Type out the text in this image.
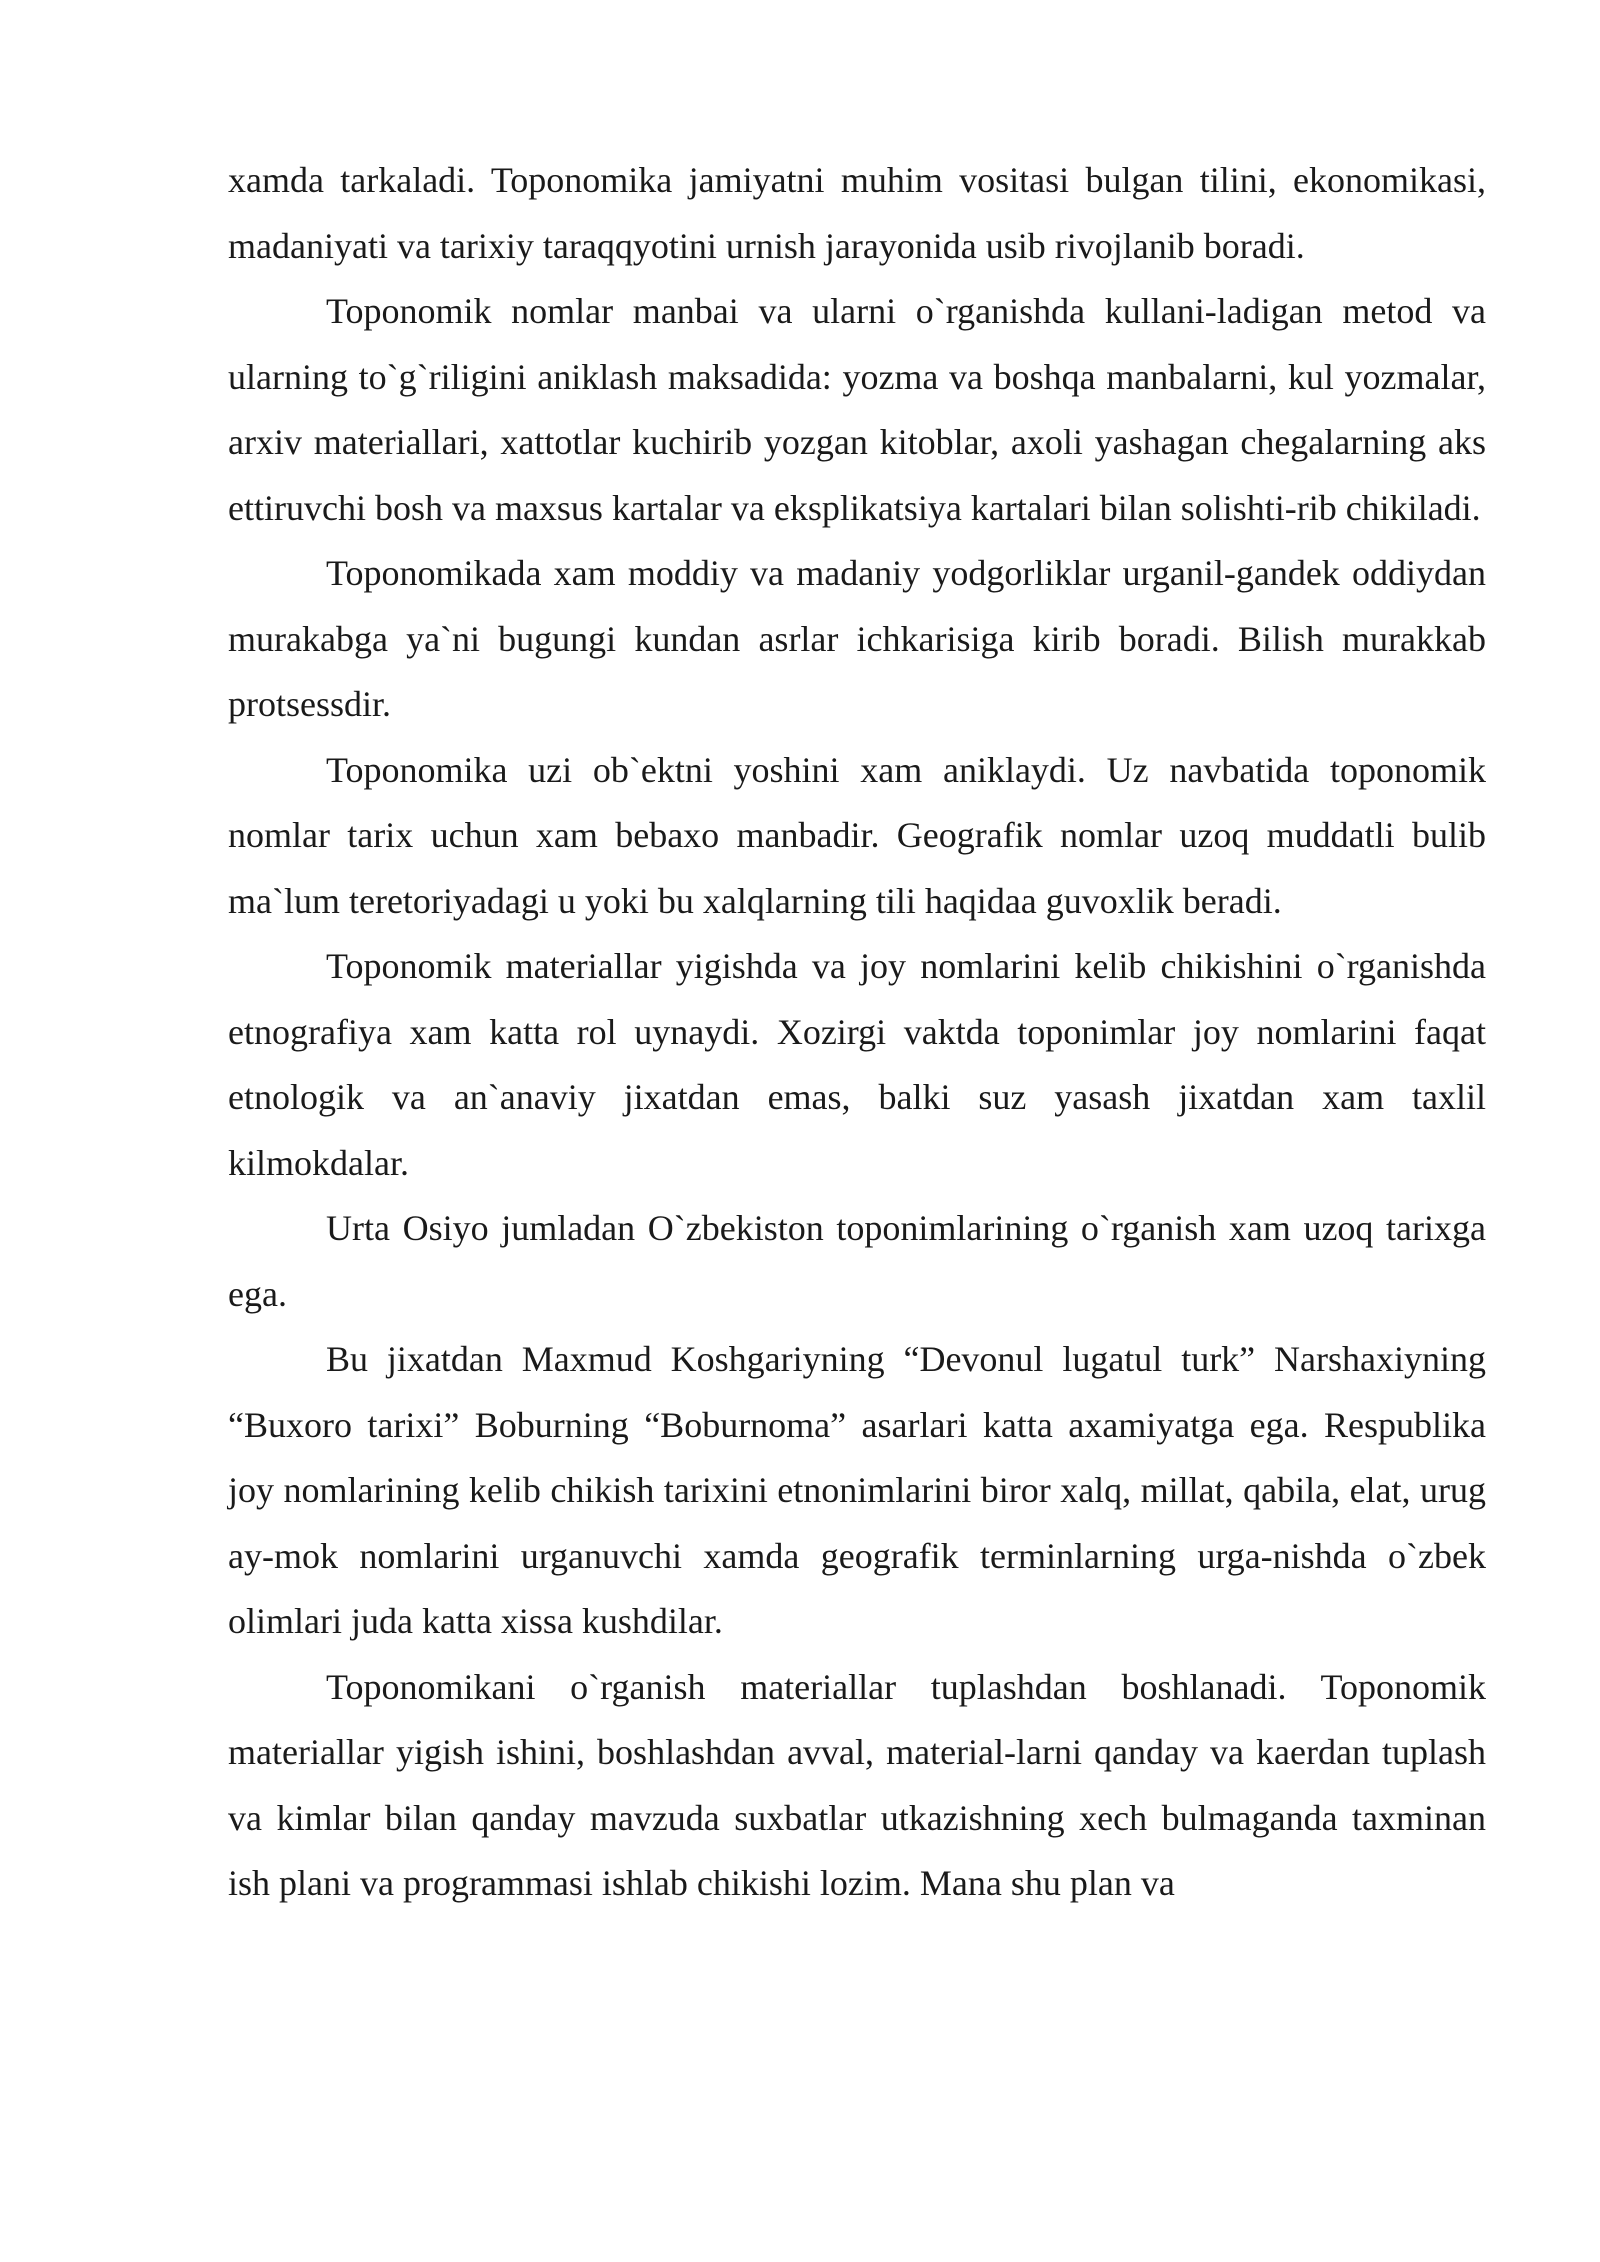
xamda tarkaladi. Toponomika jamiyatni muhim vositasi bulgan tilini, ekonomikasi, madaniyati va tarixiy taraqqyotini urnish jarayonida usib rivojlanib boradi.

Toponomik nomlar manbai va ularni o`rganishda kullani-ladigan metod va ularning to`g`riligini aniklash maksadida: yozma va boshqa manbalarni, kul yozmalar, arxiv materiallari, xattotlar kuchirib yozgan kitoblar, axoli yashagan chegalarning aks ettiruvchi bosh va maxsus kartalar va eksplikatsiya kartalari bilan solishti-rib chikiladi.

Toponomikada xam moddiy va madaniy yodgorliklar urganil-gandek oddiydan murakabga ya`ni bugungi kundan asrlar ichkarisiga kirib boradi. Bilish murakkab protsessdir.

Toponomika uzi ob`ektni yoshini xam aniklaydi. Uz navbatida toponomik nomlar tarix uchun xam bebaxo manbadir. Geografik nomlar uzoq muddatli bulib ma`lum teretoriyadagi u yoki bu xalqlarning tili haqidaa guvoxlik beradi.

Toponomik materiallar yigishda va joy nomlarini kelib chikishini o`rganishda etnografiya xam katta rol uynaydi. Xozirgi vaktda toponimlar joy nomlarini faqat etnologik va an`anaviy jixatdan emas, balki suz yasash jixatdan xam taxlil kilmokdalar.

Urta Osiyo jumladan O`zbekiston toponimlarining o`rganish xam uzoq tarixga ega.

Bu jixatdan Maxmud Koshgariyning “Devonul lugatul turk” Narshaxiyning “Buxoro tarixi” Boburning “Boburnoma” asarlari katta axamiyatga ega. Respublika joy nomlarining kelib chikish tarixini etnonimlarini biror xalq, millat, qabila, elat, urug ay-mok nomlarini urganuvchi xamda geografik terminlarning urga-nishda o`zbek olimlari juda katta xissa kushdilar.

Toponomikani o`rganish materiallar tuplashdan boshlanadi. Toponomik materiallar yigish ishini, boshlashdan avval, material-larni qanday va kaerdan tuplash va kimlar bilan qanday mavzuda suxbatlar utkazishning xech bulmaganda taxminan ish plani va programmasi ishlab chikishi lozim. Mana shu plan va
